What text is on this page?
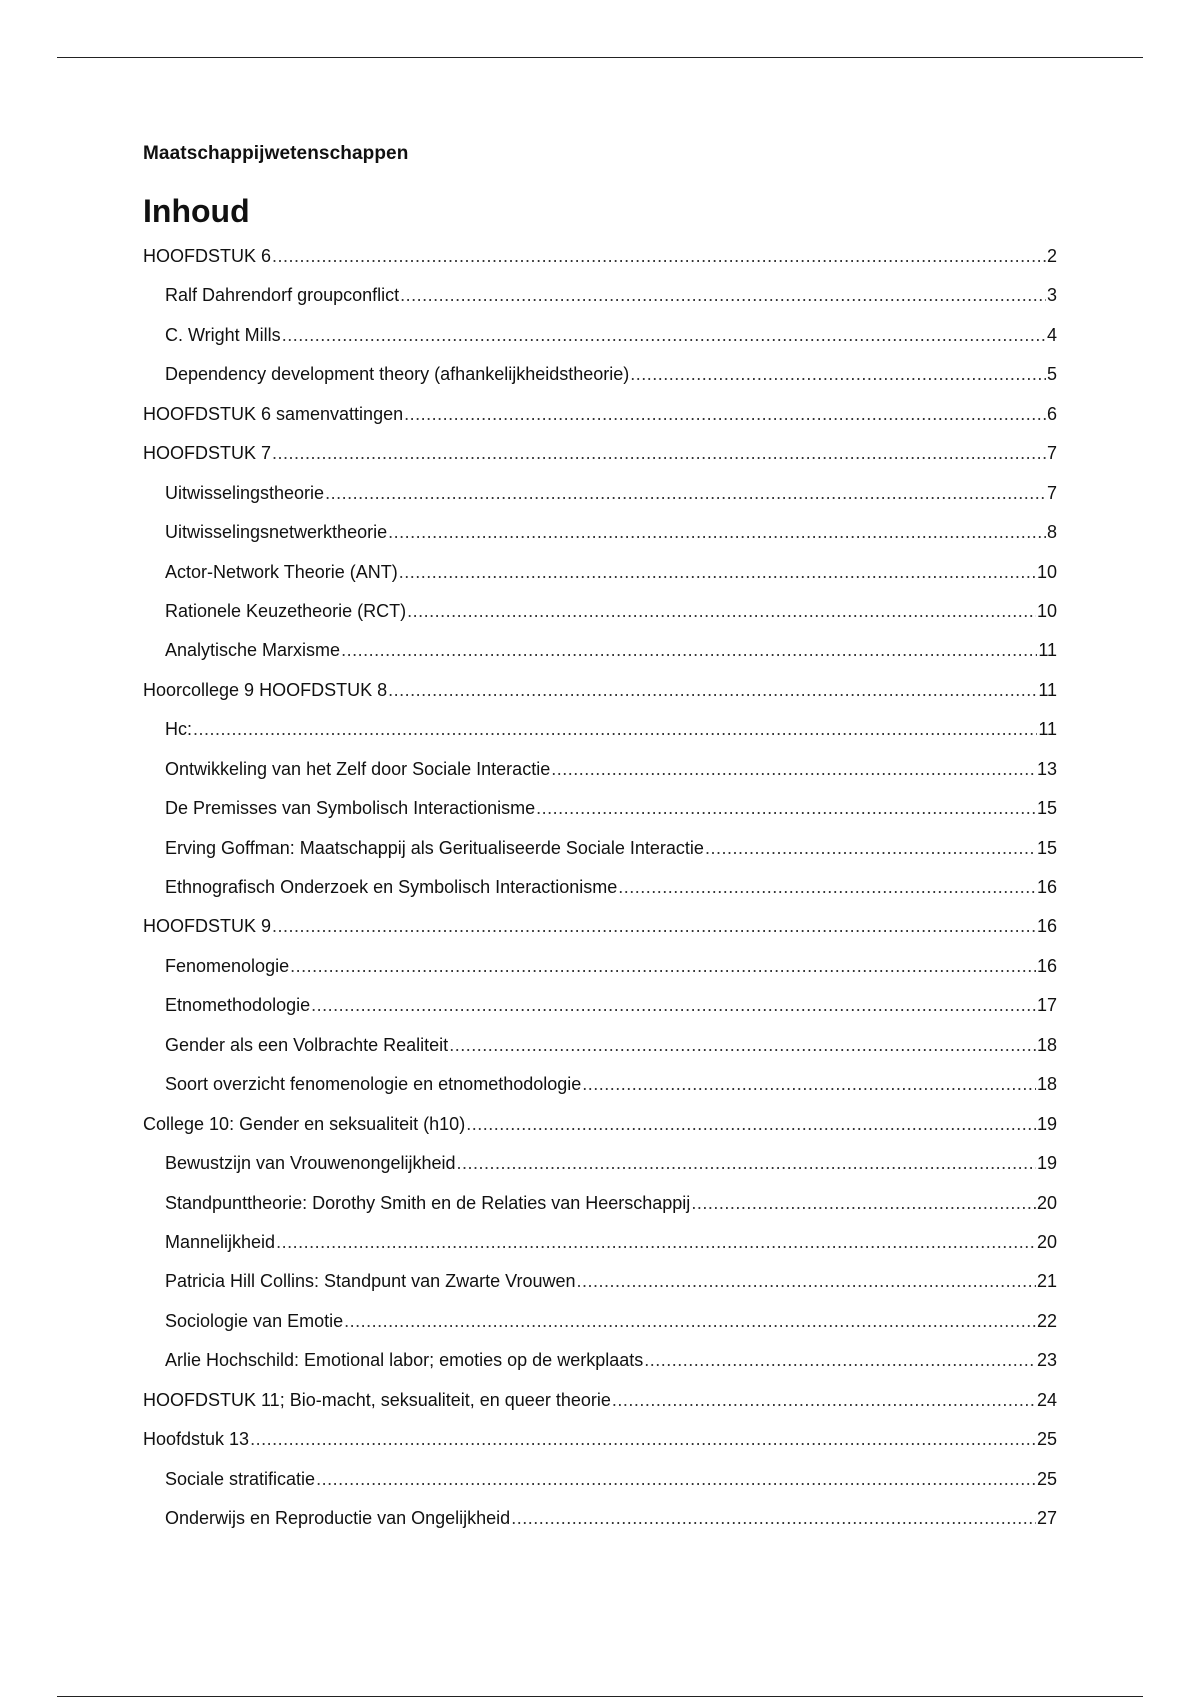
Maatschappijwetenschappen
Inhoud
HOOFDSTUK 6 .....	2
Ralf Dahrendorf groupconflict .....	3
C. Wright Mills .....	4
Dependency development theory (afhankelijkheidstheorie) .....	5
HOOFDSTUK 6 samenvattingen .....	6
HOOFDSTUK 7 .....	7
Uitwisselingstheorie .....	7
Uitwisselingsnetwerktheorie .....	8
Actor-Network Theorie (ANT) .....	10
Rationele Keuzetheorie (RCT) .....	10
Analytische Marxisme .....	11
Hoorcollege 9 HOOFDSTUK 8 .....	11
Hc: .....	11
Ontwikkeling van het Zelf door Sociale Interactie .....	13
De Premisses van Symbolisch Interactionisme .....	15
Erving Goffman: Maatschappij als Geritualiseerde Sociale Interactie .....	15
Ethnografisch Onderzoek en Symbolisch Interactionisme .....	16
HOOFDSTUK 9 .....	16
Fenomenologie .....	16
Etnomethodologie .....	17
Gender als een Volbrachte Realiteit .....	18
Soort overzicht fenomenologie en etnomethodologie .....	18
College 10: Gender en seksualiteit (h10) .....	19
Bewustzijn van Vrouwenongelijkheid .....	19
Standpunttheorie: Dorothy Smith en de Relaties van Heerschappij .....	20
Mannelijkheid .....	20
Patricia Hill Collins: Standpunt van Zwarte Vrouwen .....	21
Sociologie van Emotie .....	22
Arlie Hochschild: Emotional labor; emoties op de werkplaats .....	23
HOOFDSTUK 11; Bio-macht, seksualiteit, en queer theorie .....	24
Hoofdstuk 13 .....	25
Sociale stratificatie .....	25
Onderwijs en Reproductie van Ongelijkheid .....	27
